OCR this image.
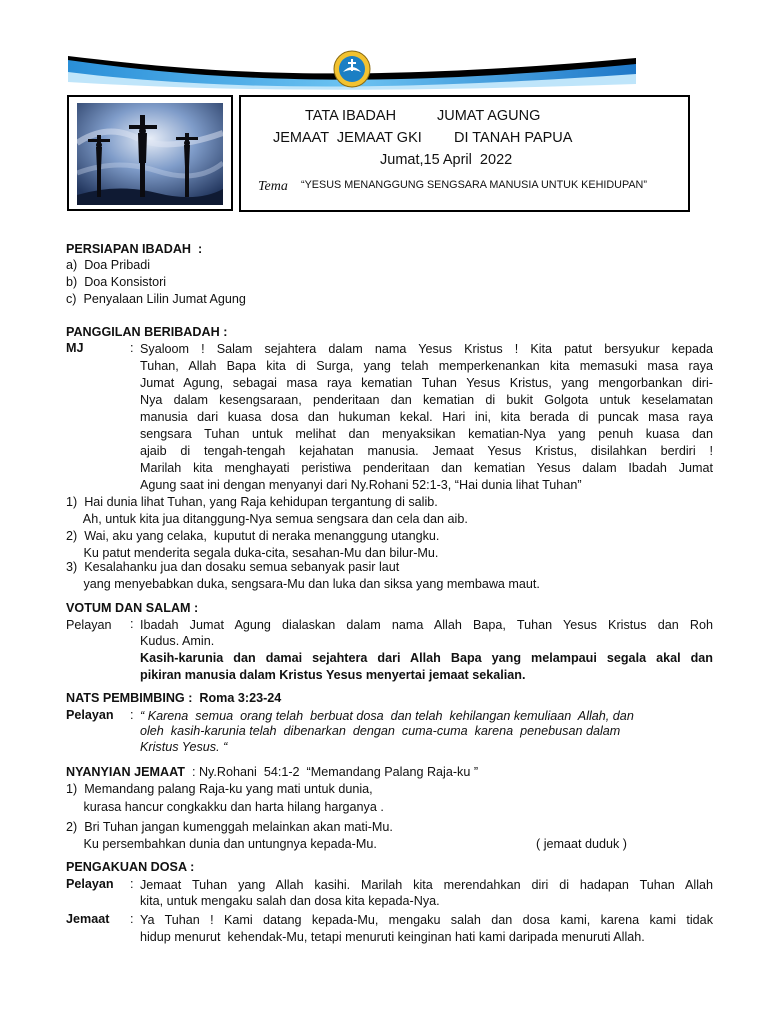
TATA IBADAH	JUMAT AGUNG
JEMAAT  JEMAAT GKI DI TANAH PAPUA
Jumat,15 April  2022
Tema “YESUS MENANGGUNG SENGSARA MANUSIA UNTUK KEHIDUPAN”
PERSIAPAN IBADAH  :
a)  Doa Pribadi
b)  Doa Konsistori
c)  Penyalaan Lilin Jumat Agung
PANGGILAN BERIBADAH :
MJ	: Syaloom ! Salam sejahtera dalam nama Yesus Kristus ! Kita patut bersyukur kepada
Tuhan, Allah Bapa kita di Surga, yang telah memperkenankan kita memasuki masa raya
Jumat Agung, sebagai masa raya kematian Tuhan Yesus Kristus, yang mengorbankan diri-
Nya dalam kesengsaraan, penderitaan dan kematian di bukit Golgota untuk keselamatan
manusia dari kuasa dosa dan hukuman kekal. Hari ini, kita berada di puncak masa raya
sengsara Tuhan untuk melihat dan menyaksikan kematian-Nya yang penuh kuasa dan
ajaib di tengah-tengah kejahatan manusia. Jemaat Yesus Kristus, disilahkan berdiri !
Marilah kita menghayati peristiwa penderitaan dan kematian Yesus dalam Ibadah Jumat
Agung saat ini dengan menyanyi dari Ny.Rohani 52:1-3, “Hai dunia lihat Tuhan”
1)  Hai dunia lihat Tuhan, yang Raja kehidupan tergantung di salib.
Ah, untuk kita jua ditanggung-Nya semua sengsara dan cela dan aib.
2)  Wai, aku yang celaka,  kuputut di neraka menanggung utangku.
Ku patut menderita segala duka-cita, sesahan-Mu dan bilur-Mu.
3)  Kesalahanku jua dan dosaku semua sebanyak pasir laut
yang menyebabkan duka, sengsara-Mu dan luka dan siksa yang membawa maut.
VOTUM DAN SALAM :
Pelayan : Ibadah Jumat Agung dialaskan dalam nama Allah Bapa, Tuhan Yesus Kristus dan Roh
Kudus. Amin.
Kasih-karunia dan damai sejahtera dari Allah Bapa yang melampaui segala akal dan
pikiran manusia dalam Kristus Yesus menyertai jemaat sekalian.
NATS PEMBIMBING :  Roma 3:23-24
Pelayan : “ Karena  semua  orang telah  berbuat dosa  dan telah  kehilangan kemuliaan  Allah, dan
oleh  kasih-karunia telah  dibenarkan  dengan  cuma-cuma  karena  penebusan dalam
Kristus Yesus. “
NYANYIAN JEMAAT  : Ny.Rohani  54:1-2  “Memandang Palang Raja-ku ”
1)  Memandang palang Raja-ku yang mati untuk dunia,
kurasa hancur congkakku dan harta hilang harganya .
2)  Bri Tuhan jangan kumenggah melainkan akan mati-Mu.
Ku persembahkan dunia dan untungnya kepada-Mu.	( jemaat duduk )
PENGAKUAN DOSA :
Pelayan : Jemaat Tuhan yang Allah kasihi. Marilah kita merendahkan diri di hadapan Tuhan Allah
kita, untuk mengaku salah dan dosa kita kepada-Nya.
Jemaat : Ya Tuhan ! Kami datang kepada-Mu, mengaku salah dan dosa kami, karena kami tidak
hidup menurut  kehendak-Mu, tetapi menuruti keinginan hati kami daripada menuruti Allah.
